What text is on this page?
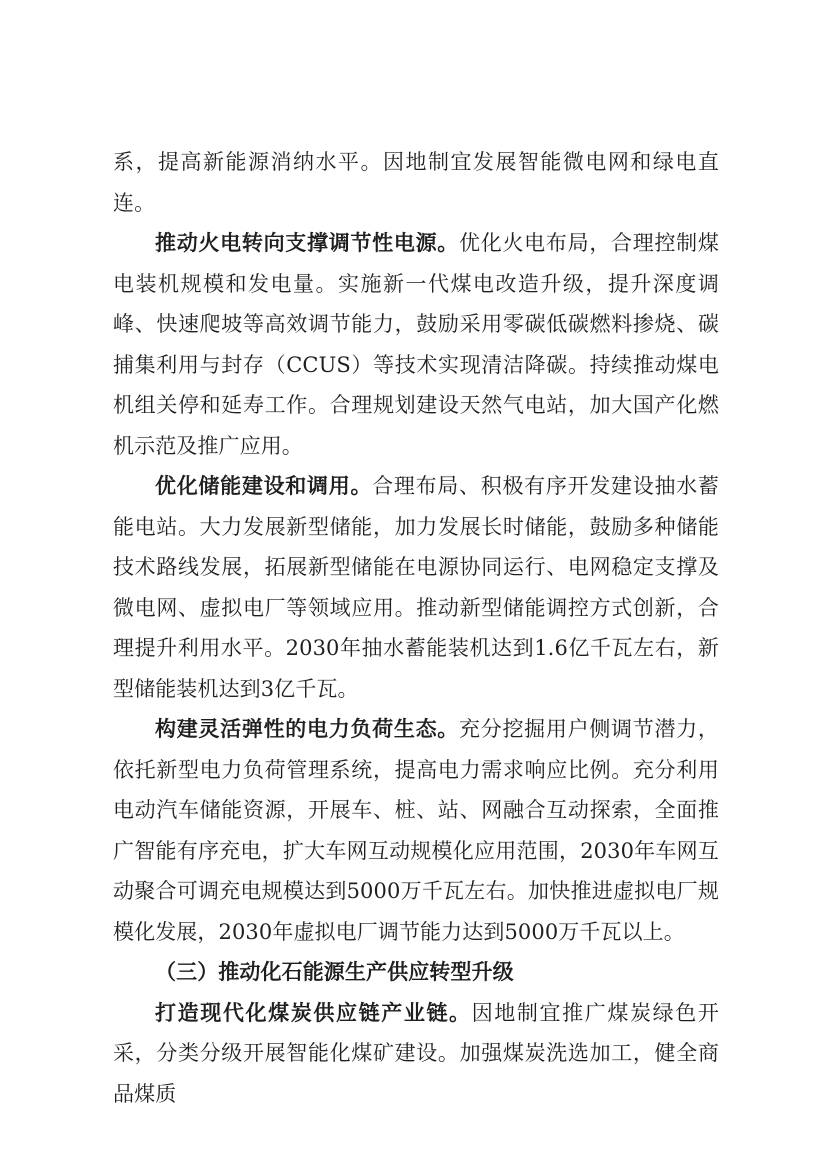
系，提高新能源消纳水平。因地制宜发展智能微电网和绿电直连。

推动火电转向支撑调节性电源。优化火电布局，合理控制煤电装机规模和发电量。实施新一代煤电改造升级，提升深度调峰、快速爬坡等高效调节能力，鼓励采用零碳低碳燃料掺烧、碳捕集利用与封存（CCUS）等技术实现清洁降碳。持续推动煤电机组关停和延寿工作。合理规划建设天然气电站，加大国产化燃机示范及推广应用。

优化储能建设和调用。合理布局、积极有序开发建设抽水蓄能电站。大力发展新型储能，加力发展长时储能，鼓励多种储能技术路线发展，拓展新型储能在电源协同运行、电网稳定支撑及微电网、虚拟电厂等领域应用。推动新型储能调控方式创新，合理提升利用水平。2030年抽水蓄能装机达到1.6亿千瓦左右，新型储能装机达到3亿千瓦。

构建灵活弹性的电力负荷生态。充分挖掘用户侧调节潜力，依托新型电力负荷管理系统，提高电力需求响应比例。充分利用电动汽车储能资源，开展车、桩、站、网融合互动探索，全面推广智能有序充电，扩大车网互动规模化应用范围，2030年车网互动聚合可调充电规模达到5000万千瓦左右。加快推进虚拟电厂规模化发展，2030年虚拟电厂调节能力达到5000万千瓦以上。

（三）推动化石能源生产供应转型升级

打造现代化煤炭供应链产业链。因地制宜推广煤炭绿色开采，分类分级开展智能化煤矿建设。加强煤炭洗选加工，健全商品煤质
